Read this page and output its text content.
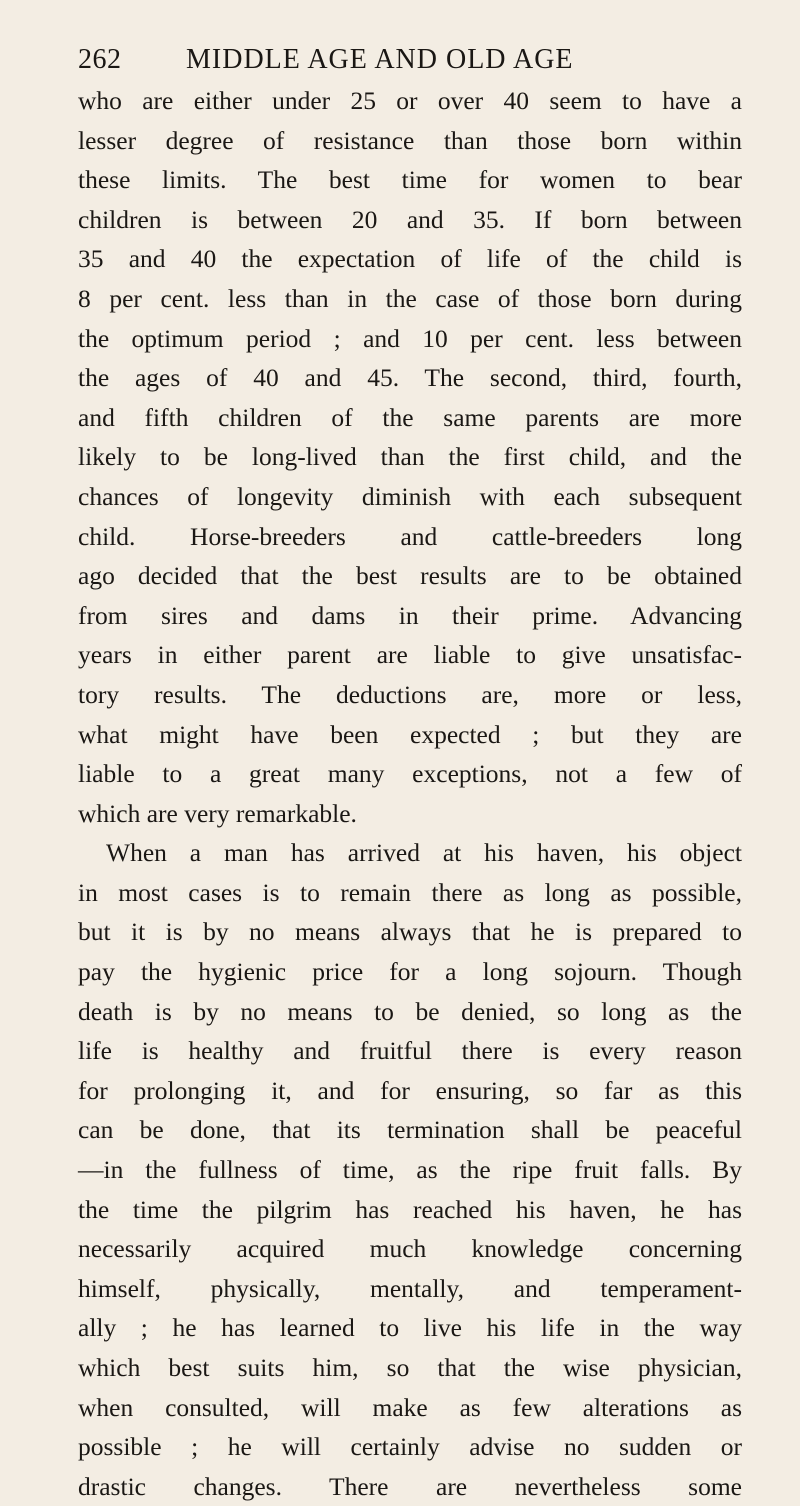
262 MIDDLE AGE AND OLD AGE
who are either under 25 or over 40 seem to have a
lesser degree of resistance than those born within
these limits. The best time for women to bear
children is between 20 and 35. If born between
35 and 40 the expectation of life of the child is
8 per cent. less than in the case of those born during
the optimum period ; and 10 per cent. less between
the ages of 40 and 45. The second, third, fourth,
and fifth children of the same parents are more
likely to be long-lived than the first child, and the
chances of longevity diminish with each subsequent
child. Horse-breeders and cattle-breeders long
ago decided that the best results are to be obtained
from sires and dams in their prime. Advancing
years in either parent are liable to give unsatisfac-
tory results. The deductions are, more or less,
what might have been expected ; but they are
liable to a great many exceptions, not a few of
which are very remarkable.
When a man has arrived at his haven, his object
in most cases is to remain there as long as possible,
but it is by no means always that he is prepared to
pay the hygienic price for a long sojourn. Though
death is by no means to be denied, so long as the
life is healthy and fruitful there is every reason
for prolonging it, and for ensuring, so far as this
can be done, that its termination shall be peaceful
—in the fullness of time, as the ripe fruit falls. By
the time the pilgrim has reached his haven, he has
necessarily acquired much knowledge concerning
himself, physically, mentally, and temperament-
ally ; he has learned to live his life in the way
which best suits him, so that the wise physician,
when consulted, will make as few alterations as
possible ; he will certainly advise no sudden or
drastic changes. There are nevertheless some
